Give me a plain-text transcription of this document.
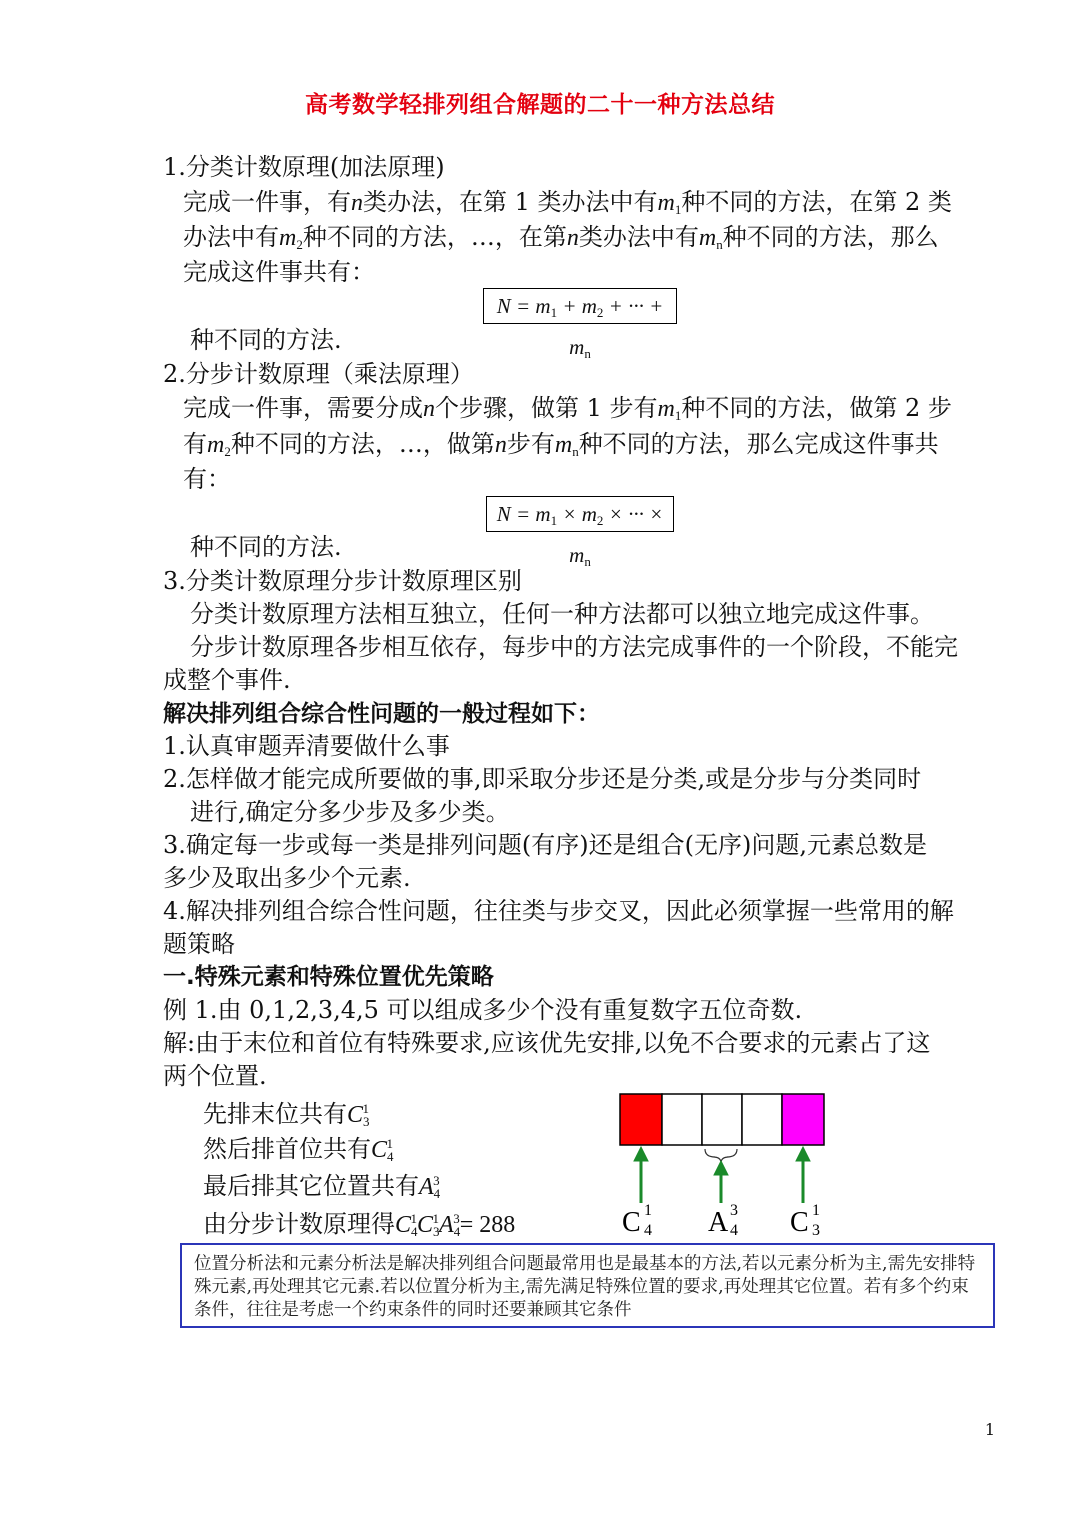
高考数学轻排列组合解题的二十一种方法总结
1.分类计数原理(加法原理)
完成一件事，有n类办法，在第 1 类办法中有$m_1$种不同的方法，在第 2 类
办法中有$m_2$种不同的方法，…，在第n类办法中有$m_n$种不同的方法，那么
完成这件事共有：
$N = m_1 + m_2$ + ··· + $m_n$
种不同的方法.
2.分步计数原理（乘法原理）
完成一件事，需要分成n个步骤，做第 1 步有$m_1$种不同的方法，做第 2 步
有$m_2$种不同的方法，…，做第n步有$m_n$种不同的方法，那么完成这件事共
有：
$N = m_1 \times m_2$ × ··· × $m_n$
种不同的方法.
3.分类计数原理分步计数原理区别
分类计数原理方法相互独立，任何一种方法都可以独立地完成这件事。
分步计数原理各步相互依存，每步中的方法完成事件的一个阶段，不能完
成整个事件.
解决排列组合综合性问题的一般过程如下：
1.认真审题弄清要做什么事
2.怎样做才能完成所要做的事,即采取分步还是分类,或是分步与分类同时
进行,确定分多少步及多少类。
3.确定每一步或每一类是排列问题(有序)还是组合(无序)问题,元素总数是
多少及取出多少个元素.
4.解决排列组合综合性问题，往往类与步交叉，因此必须掌握一些常用的解
题策略
一.特殊元素和特殊位置优先策略
例 1.由 0,1,2,3,4,5 可以组成多少个没有重复数字五位奇数.
解:由于末位和首位有特殊要求,应该优先安排,以免不合要求的元素占了这
两个位置.
先排末位共有$C_3^1$
然后排首位共有$C_4^1$
最后排其它位置共有$A_4^3$
由分步计数原理得$C_4^1C_3^1A_4^3= 288$	C 1
4 A 3
4 C 1
3
位置分析法和元素分析法是解决排列组合问题最常用也是最基本的方法,若以元素分析为主,需先安排特殊元素,再处理其它元素.若以位置分析为主,需先满足特殊位置的要求,再处理其它位置。若有多个约束条件，往往是考虑一个约束条件的同时还要兼顾其它条件
1
